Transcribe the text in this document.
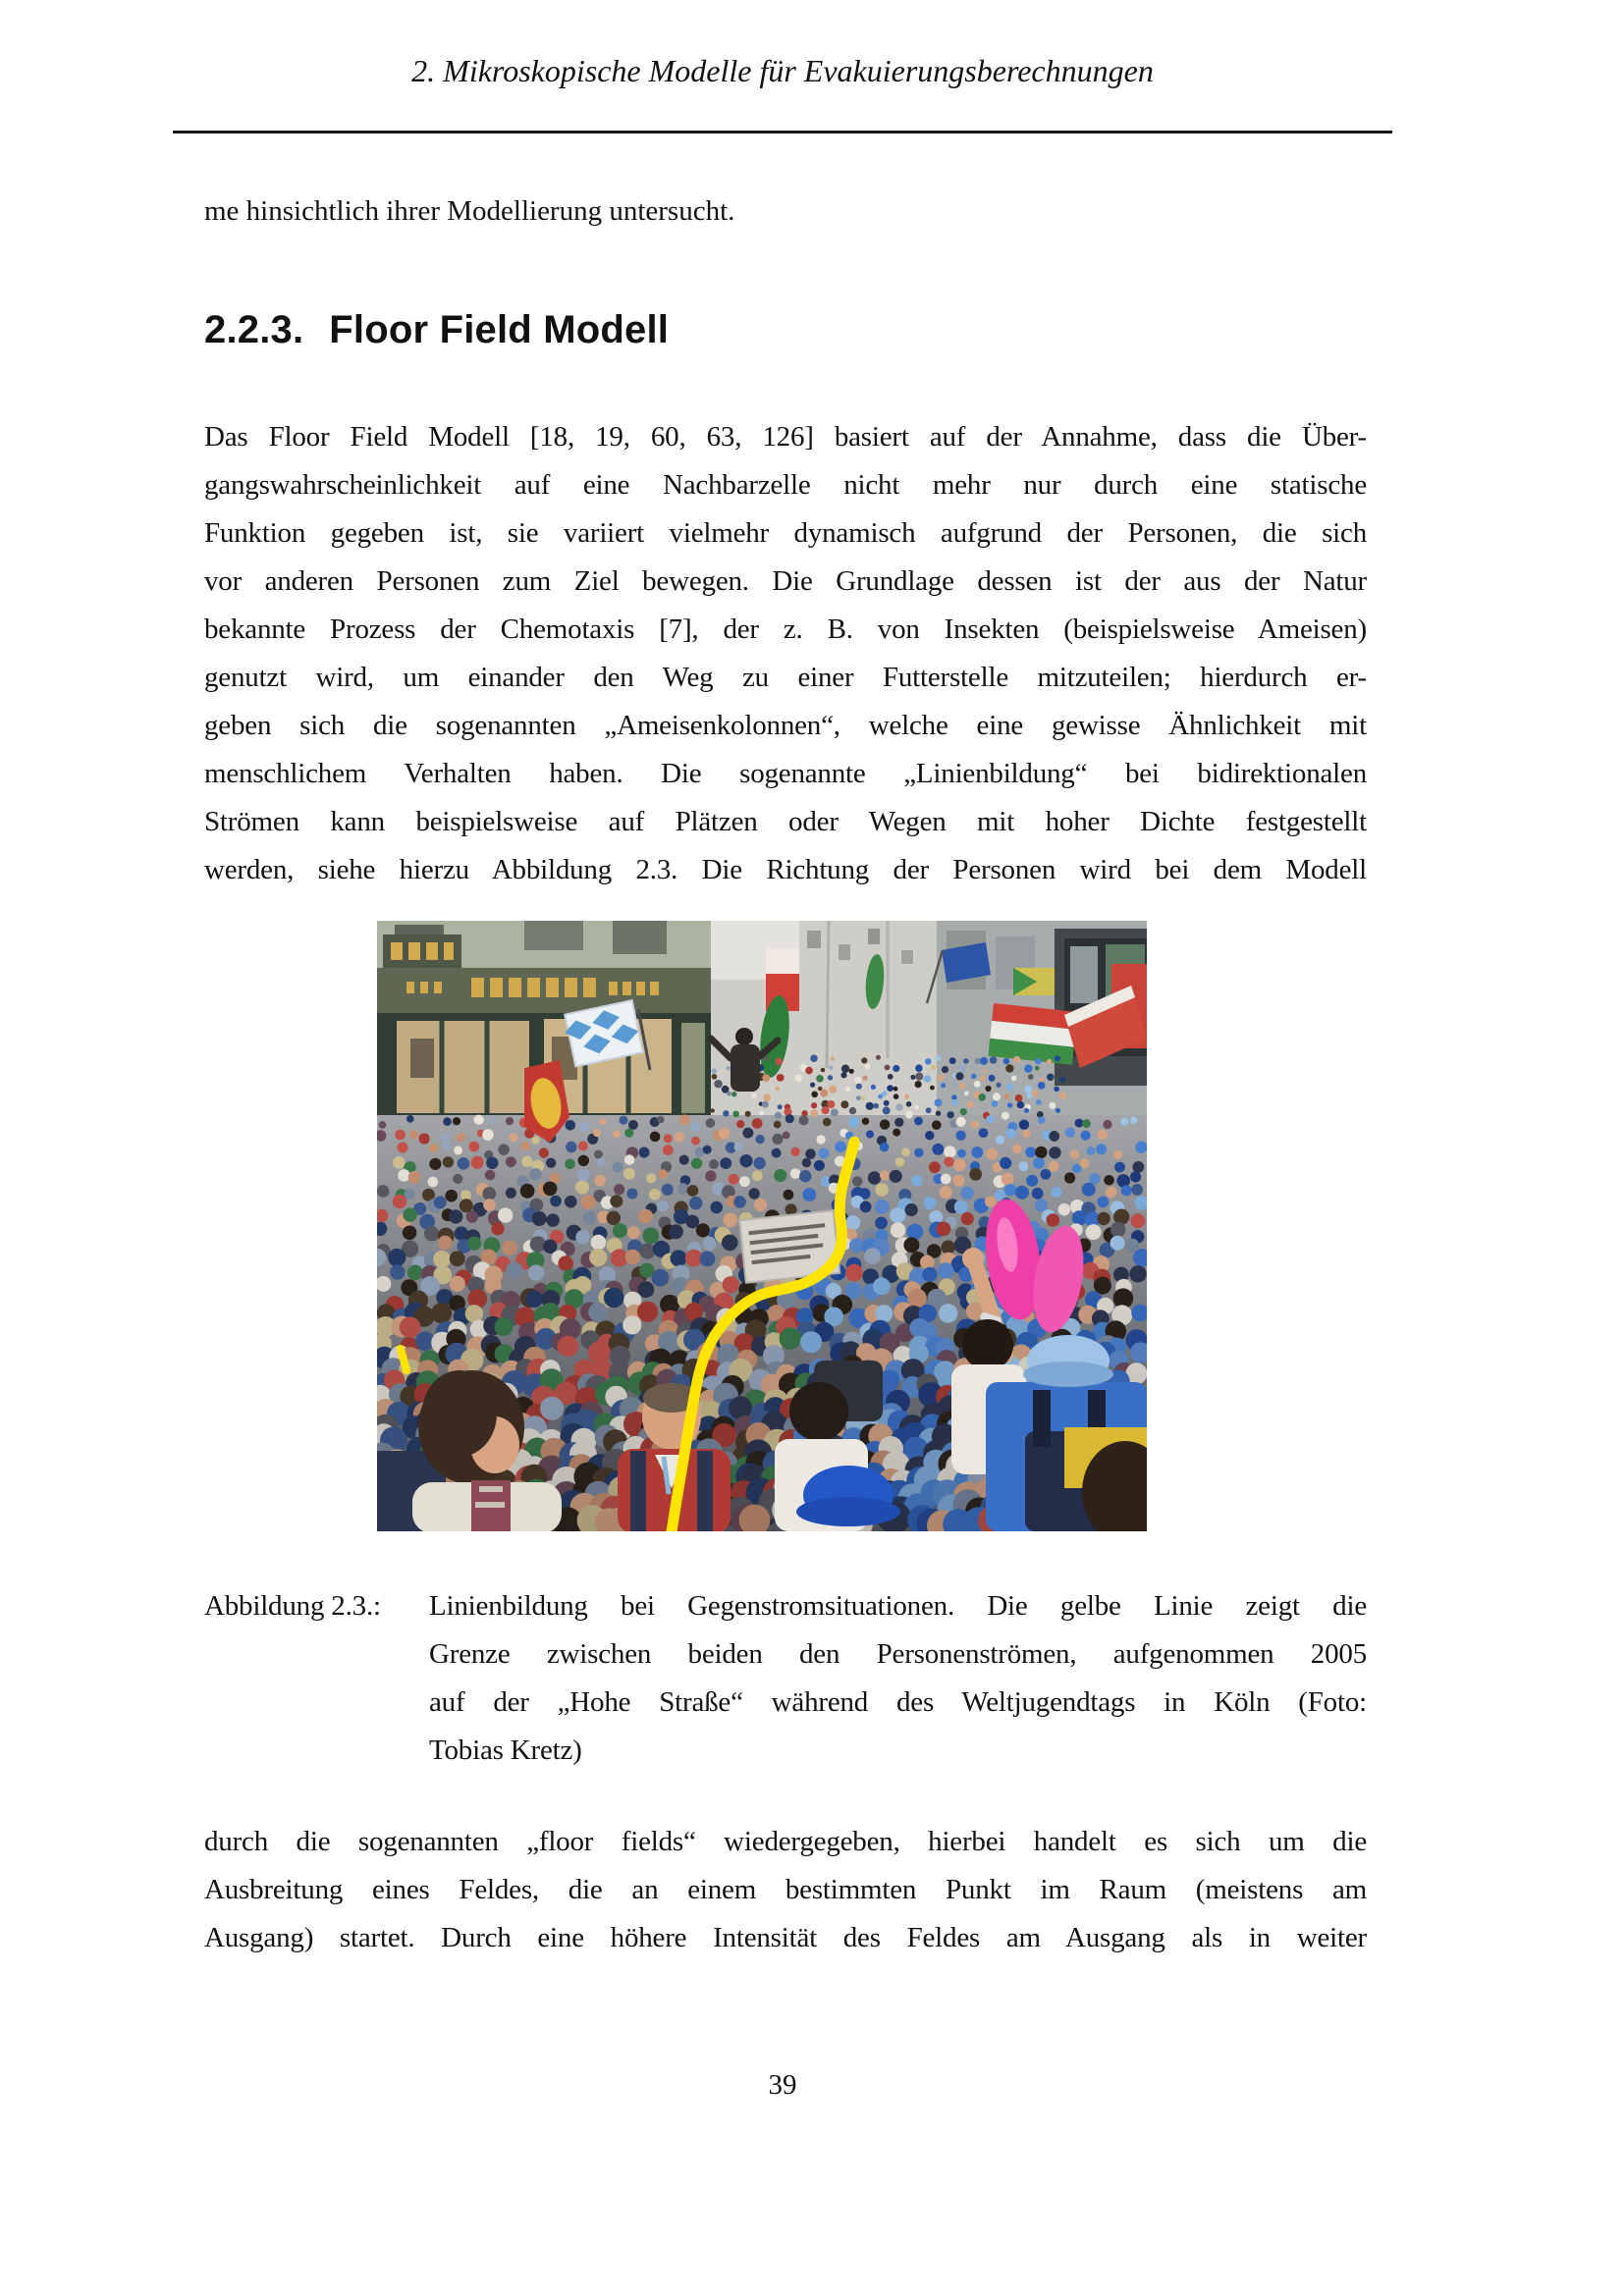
2. Mikroskopische Modelle für Evakuierungsberechnungen
me hinsichtlich ihrer Modellierung untersucht.
2.2.3. Floor Field Modell
Das Floor Field Modell [18, 19, 60, 63, 126] basiert auf der Annahme, dass die Über-
gangswahrscheinlichkeit auf eine Nachbarzelle nicht mehr nur durch eine statische
Funktion gegeben ist, sie variiert vielmehr dynamisch aufgrund der Personen, die sich
vor anderen Personen zum Ziel bewegen. Die Grundlage dessen ist der aus der Natur
bekannte Prozess der Chemotaxis [7], der z. B. von Insekten (beispielsweise Ameisen)
genutzt wird, um einander den Weg zu einer Futterstelle mitzuteilen; hierdurch er-
geben sich die sogenannten „Ameisenkolonnen“, welche eine gewisse Ähnlichkeit mit
menschlichem Verhalten haben. Die sogenannte „Linienbildung“ bei bidirektionalen
Strömen kann beispielsweise auf Plätzen oder Wegen mit hoher Dichte festgestellt
werden, siehe hierzu Abbildung 2.3. Die Richtung der Personen wird bei dem Modell
Abbildung 2.3.: Linienbildung bei Gegenstromsituationen. Die gelbe Linie zeigt die
Grenze zwischen beiden den Personenströmen, aufgenommen 2005
auf der „Hohe Straße“ während des Weltjugendtags in Köln (Foto:
Tobias Kretz)
durch die sogenannten „floor fields“ wiedergegeben, hierbei handelt es sich um die
Ausbreitung eines Feldes, die an einem bestimmten Punkt im Raum (meistens am
Ausgang) startet. Durch eine höhere Intensität des Feldes am Ausgang als in weiter
39
